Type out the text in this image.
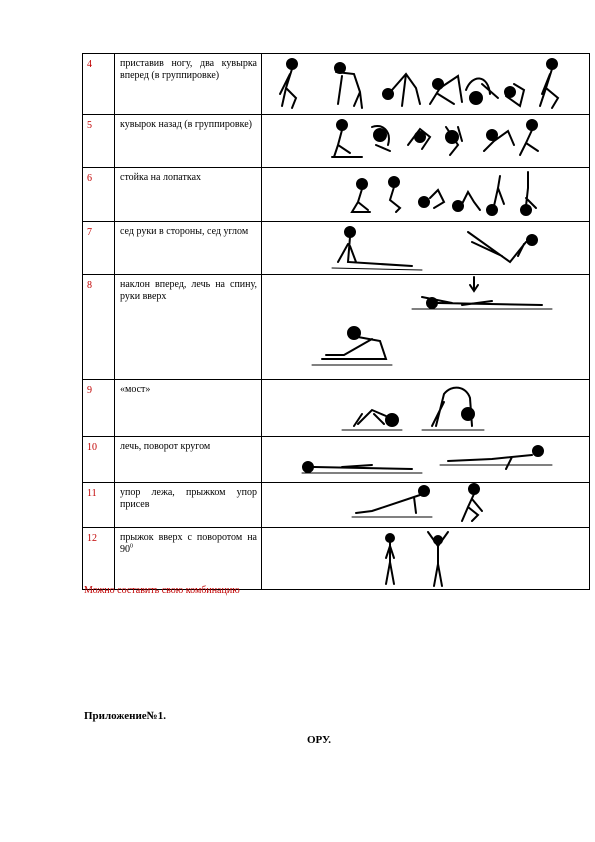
4	приставив ногу, два кувырка вперед (в группировке)	

5	кувырок назад (в группировке)	

6	стойка на лопатках	

7	сед руки в стороны, сед углом	

8	наклон вперед, лечь на спину, руки вверх	

9	«мост»	

10	лечь, поворот кругом	

11	упор лежа, прыжком упор присев	

12	прыжок вверх с поворотом на $90^0$	
Можно составить свою комбинацию
Приложение№1.
ОРУ.
